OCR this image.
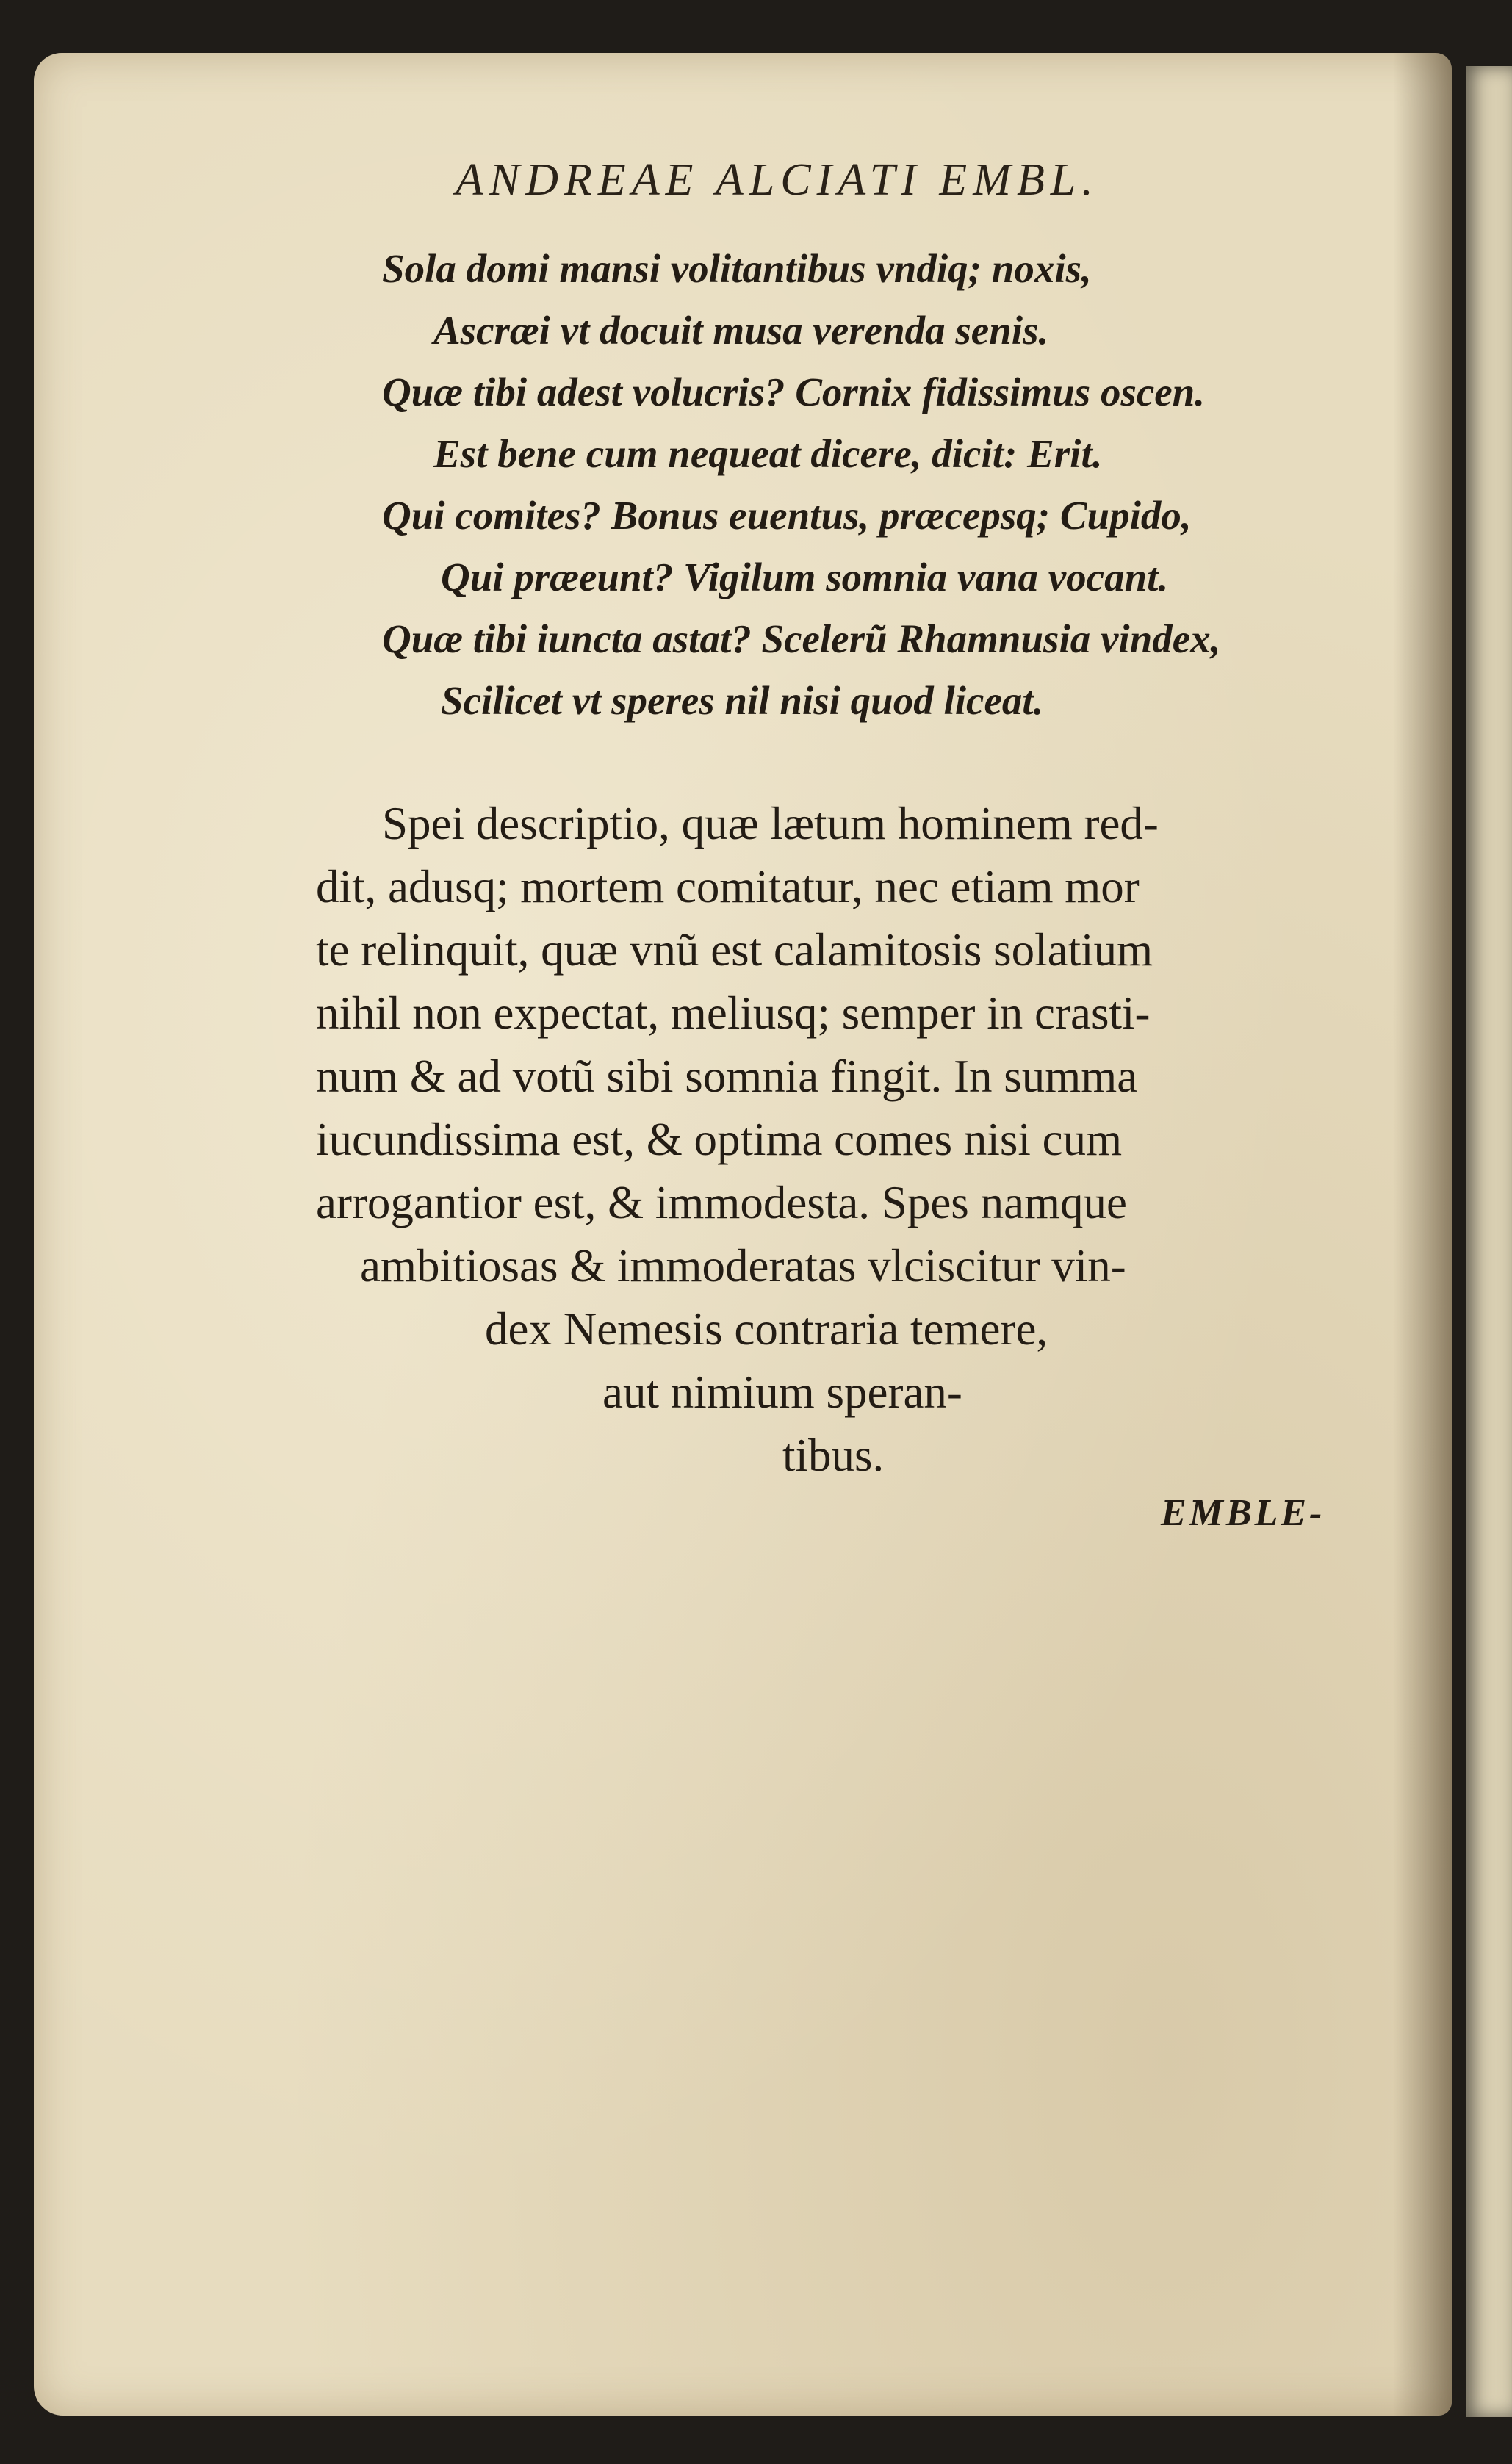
ANDREAE ALCIATI EMBL.
Sola domi mansi volitantibus vndiq; noxis,
Ascræi vt docuit musa verenda senis.
Quæ tibi adest volucris? Cornix fidissimus oscen.
Est bene cum nequeat dicere, dicit: Erit.
Qui comites? Bonus euentus, præcepsq; Cupido,
Qui præeunt? Vigilum somnia vana vocant.
Quæ tibi iuncta astat? Scelerũ Rhamnusia vindex,
Scilicet vt speres nil nisi quod liceat.
Spei descriptio, quæ lætum hominem red-
dit, adusq; mortem comitatur, nec etiam mor
te relinquit, quæ vnũ est calamitosis solatium
nihil non expectat, meliusq; semper in crasti-
num & ad votũ sibi somnia fingit. In summa
iucundissima est, & optima comes nisi cum
arrogantior est, & immodesta. Spes namque
ambitiosas & immoderatas vlciscitur vin-
dex Nemesis contraria temere,
aut nimium speran-
tibus.
EMBLE-
